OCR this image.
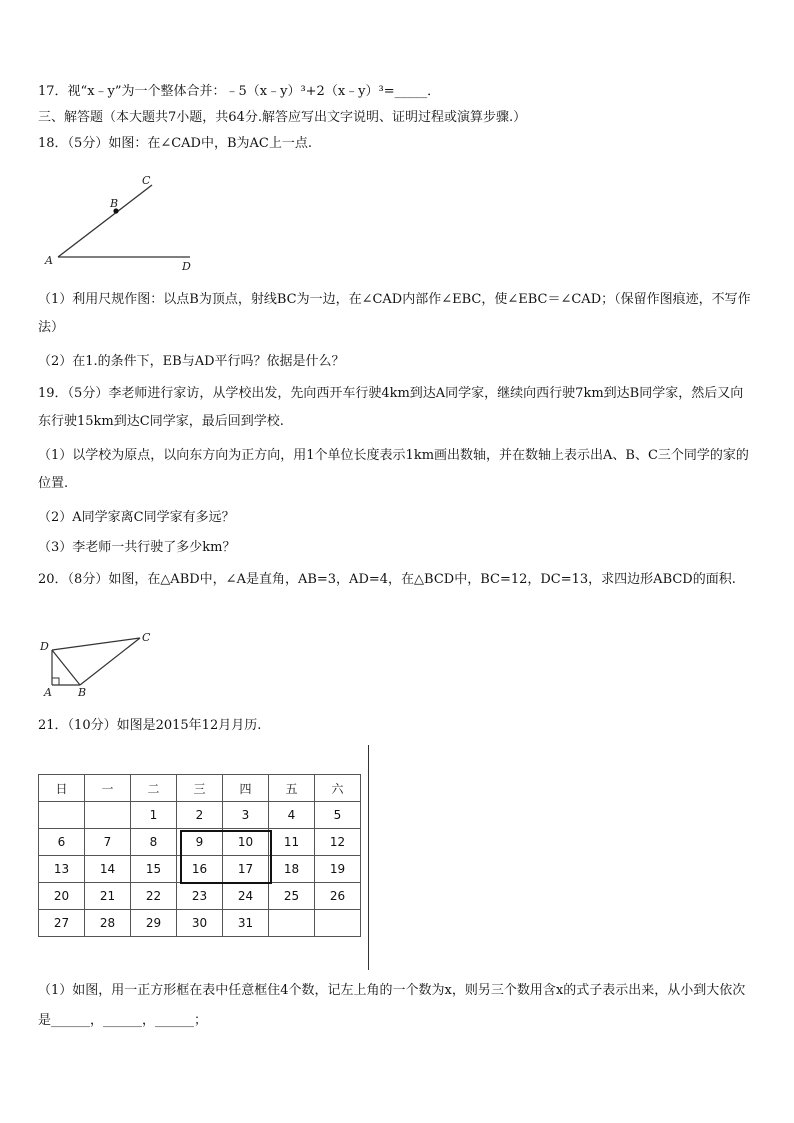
17．视“x﹣y”为一个整体合并：﹣5（x﹣y）³+2（x﹣y）³=_____．
三、解答题（本大题共7小题，共64分.解答应写出文字说明、证明过程或演算步骤.）
18．（5分）如图：在∠CAD中，B为AC上一点.
A
B
C
D
（1）利用尺规作图：以点B为顶点，射线BC为一边，在∠CAD内部作∠EBC，使∠EBC＝∠CAD；（保留作图痕迹，不写作法）
（2）在1.的条件下，EB与AD平行吗？依据是什么？
19．（5分）李老师进行家访，从学校出发，先向西开车行驶4km到达A同学家，继续向西行驶7km到达B同学家，然后又向东行驶15km到达C同学家，最后回到学校.
（1）以学校为原点，以向东方向为正方向，用1个单位长度表示1km画出数轴，并在数轴上表示出A、B、C三个同学的家的位置.
（2）A同学家离C同学家有多远？
（3）李老师一共行驶了多少km？
20．（8分）如图，在△ABD中，∠A是直角，AB=3，AD=4，在△BCD中，BC=12，DC=13，求四边形ABCD的面积.
D
C
A B
21．（10分）如图是2015年12月月历.
日	一	二	三	四	五	六
		1	2	3	4	5
6	7	8	9	10	11	12
13	14	15	16	17	18	19
20	21	22	23	24	25	26
27	28	29	30	31		
（1）如图，用一正方形框在表中任意框住4个数，记左上角的一个数为x，则另三个数用含x的式子表示出来，从小到大依次是______，______，______；
